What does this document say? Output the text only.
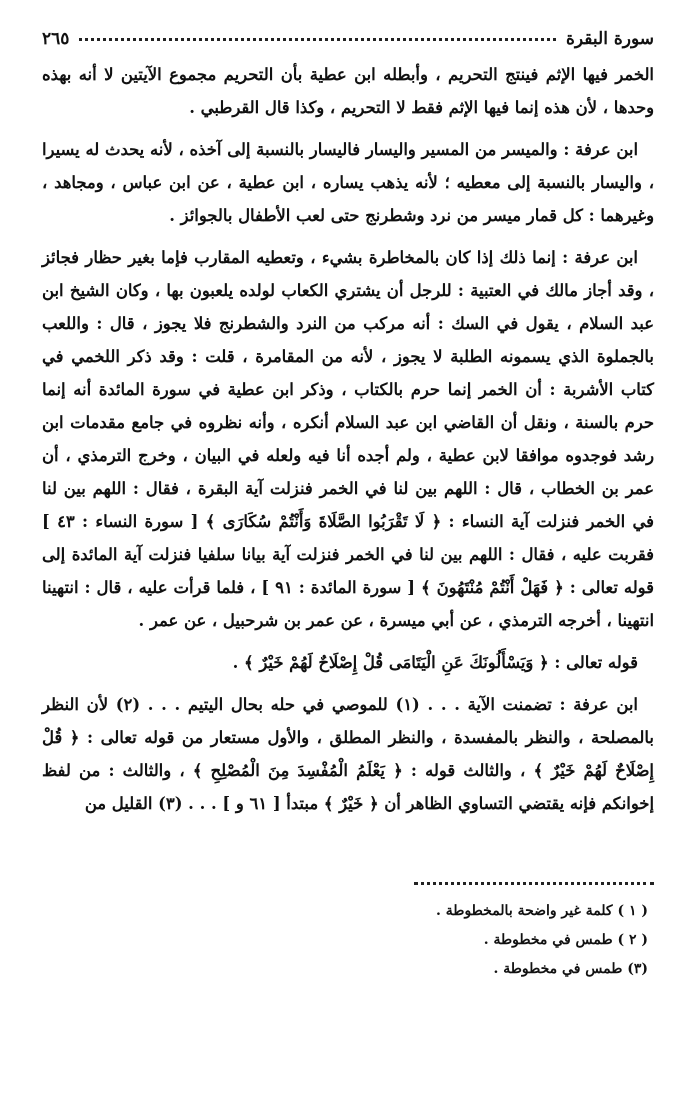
سورة البقرة
٢٦٥

الخمر فيها الإثم فينتج التحريم ، وأبطله ابن عطية بأن التحريم مجموع الآيتين لا أنه بهذه وحدها ، لأن هذه إنما فيها الإثم فقط لا التحريم ، وكذا قال القرطبي .

ابن عرفة : والميسر من المسير واليسار فاليسار بالنسبة إلى آخذه ، لأنه يحدث له يسيرا ، واليسار بالنسبة إلى معطيه ؛ لأنه يذهب يساره ، ابن عطية ، عن ابن عباس ، ومجاهد ، وغيرهما : كل قمار ميسر من نرد وشطرنج حتى لعب الأطفال بالجوائز .

ابن عرفة : إنما ذلك إذا كان بالمخاطرة بشيء ، وتعطيه المقارب فإما بغير حظار فجائز ، وقد أجاز مالك في العتبية : للرجل أن يشتري الكعاب لولده يلعبون بها ، وكان الشيخ ابن عبد السلام ، يقول في السك : أنه مركب من النرد والشطرنج فلا يجوز ، قال : واللعب بالجملوة الذي يسمونه الطلبة لا يجوز ، لأنه من المقامرة ، قلت : وقد ذكر اللخمي في كتاب الأشربة : أن الخمر إنما حرم بالكتاب ، وذكر ابن عطية في سورة المائدة أنه إنما حرم بالسنة ، ونقل أن القاضي ابن عبد السلام أنكره ، وأنه نظروه في جامع مقدمات ابن رشد فوجدوه موافقا لابن عطية ، ولم أجده أنا فيه ولعله في البيان ، وخرج الترمذي ، أن عمر بن الخطاب ، قال : اللهم بين لنا في الخمر فنزلت آية البقرة ، فقال : اللهم بين لنا في الخمر فنزلت آية النساء : ﴿ لَا تَقْرَبُوا الصَّلَاةَ وَأَنْتُمْ سُكَارَى ﴾ [ سورة النساء : ٤٣ ] فقربت عليه ، فقال : اللهم بين لنا في الخمر فنزلت آية بيانا سلفيا فنزلت آية المائدة إلى قوله تعالى : ﴿ فَهَلْ أَنْتُمْ مُنْتَهُونَ ﴾ [ سورة المائدة : ٩١ ] ، فلما قرأت عليه ، قال : انتهينا انتهينا ، أخرجه الترمذي ، عن أبي ميسرة ، عن عمر بن شرحبيل ، عن عمر .

قوله تعالى : ﴿ وَيَسْأَلُونَكَ عَنِ الْيَتَامَى قُلْ إِصْلَاحٌ لَهُمْ خَيْرٌ ﴾ .

ابن عرفة : تضمنت الآية . . . (١) للموصي في حله بحال اليتيم . . . (٢) لأن النظر بالمصلحة ، والنظر بالمفسدة ، والنظر المطلق ، والأول مستعار من قوله تعالى : ﴿ قُلْ إِصْلَاحٌ لَهُمْ خَيْرٌ ﴾ ، والثالث قوله : ﴿ يَعْلَمُ الْمُفْسِدَ مِنَ الْمُصْلِحِ ﴾ ، والثالث : من لفظ إخوانكم فإنه يقتضي التساوي الظاهر أن ﴿ خَيْرٌ ﴾ مبتدأ [ ٦١ و ] . . . (٣) القليل من

( ١ ) كلمة غير واضحة بالمخطوطة .
( ٢ ) طمس في مخطوطة .
(٣) طمس في مخطوطة .
